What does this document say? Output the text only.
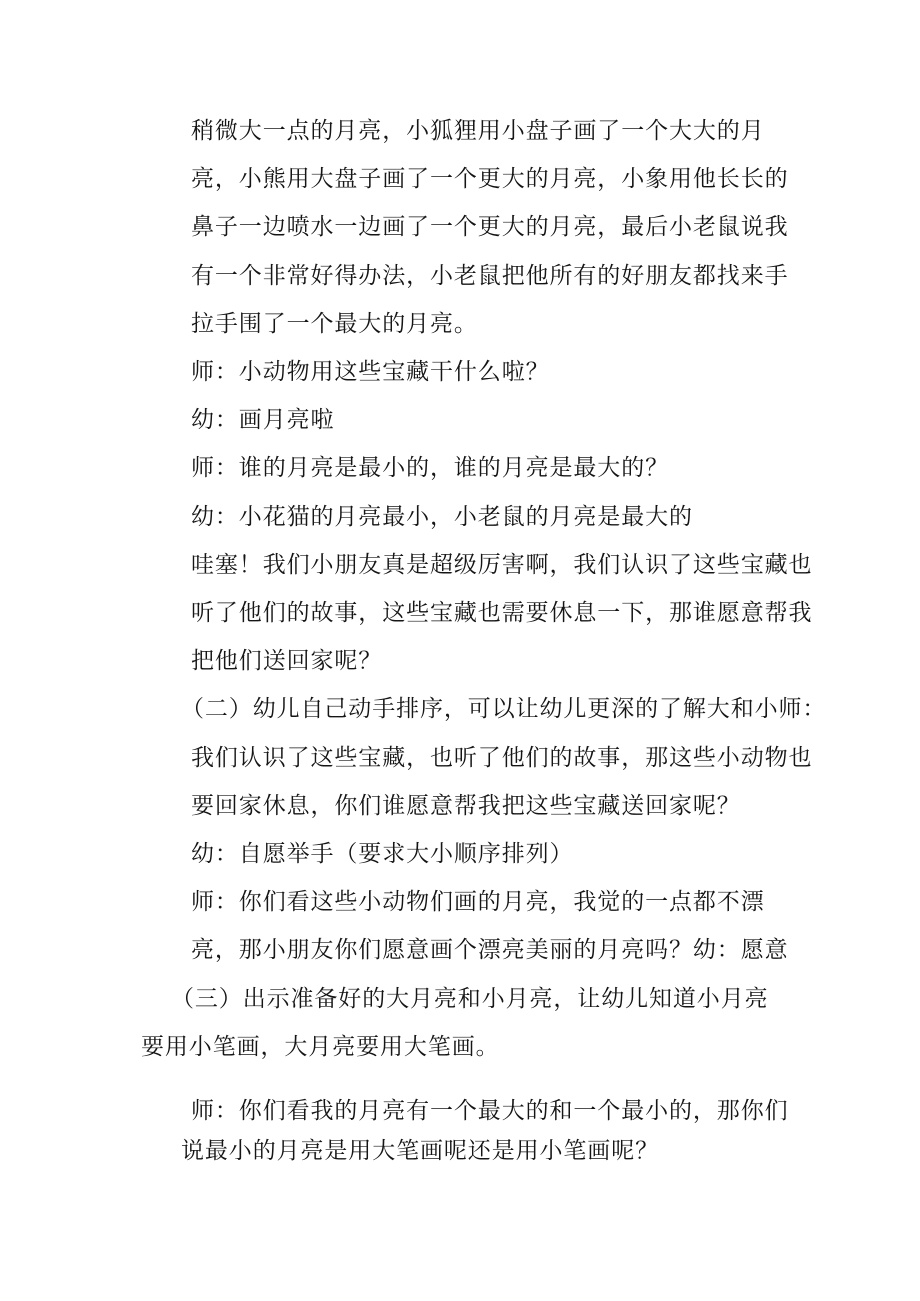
稍微大一点的月亮，小狐狸用小盘子画了一个大大的月
亮，小熊用大盘子画了一个更大的月亮，小象用他长长的
鼻子一边喷水一边画了一个更大的月亮，最后小老鼠说我
有一个非常好得办法，小老鼠把他所有的好朋友都找来手
拉手围了一个最大的月亮。
师：小动物用这些宝藏干什么啦？
幼：画月亮啦
师：谁的月亮是最小的，谁的月亮是最大的？
幼：小花猫的月亮最小，小老鼠的月亮是最大的
哇塞！我们小朋友真是超级厉害啊，我们认识了这些宝藏也
听了他们的故事，这些宝藏也需要休息一下，那谁愿意帮我
把他们送回家呢？
（二）幼儿自己动手排序，可以让幼儿更深的了解大和小师：
我们认识了这些宝藏，也听了他们的故事，那这些小动物也
要回家休息，你们谁愿意帮我把这些宝藏送回家呢？
幼：自愿举手（要求大小顺序排列）
师：你们看这些小动物们画的月亮，我觉的一点都不漂
亮，那小朋友你们愿意画个漂亮美丽的月亮吗？幼：愿意
（三）出示准备好的大月亮和小月亮，让幼儿知道小月亮
要用小笔画，大月亮要用大笔画。
师：你们看我的月亮有一个最大的和一个最小的，那你们
说最小的月亮是用大笔画呢还是用小笔画呢？
